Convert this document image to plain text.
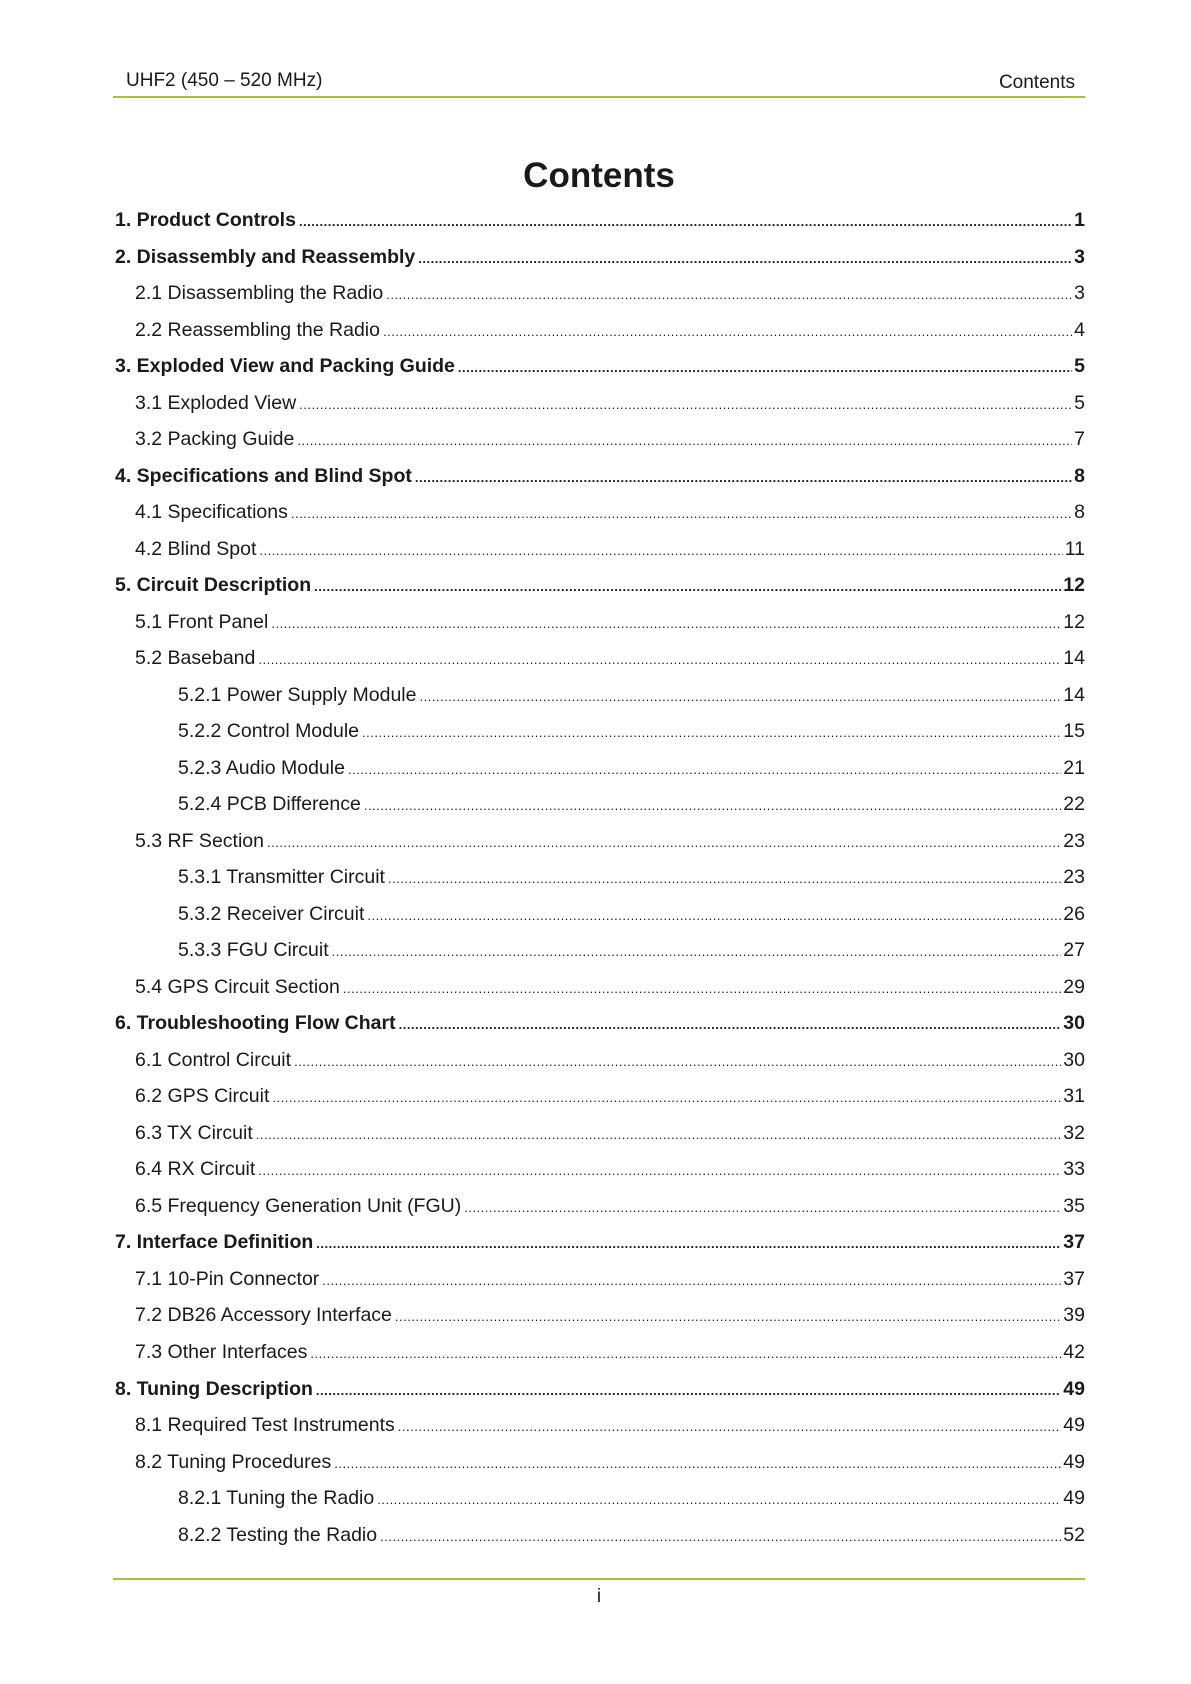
UHF2 (450 – 520 MHz)	Contents
Contents
1. Product Controls .....	1
2. Disassembly and Reassembly .....	3
2.1 Disassembling the Radio .....	3
2.2 Reassembling the Radio .....	4
3. Exploded View and Packing Guide .....	5
3.1 Exploded View .....	5
3.2 Packing Guide .....	7
4. Specifications and Blind Spot .....	8
4.1 Specifications .....	8
4.2 Blind Spot .....	11
5. Circuit Description .....	12
5.1 Front Panel .....	12
5.2 Baseband .....	14
5.2.1 Power Supply Module .....	14
5.2.2 Control Module .....	15
5.2.3 Audio Module .....	21
5.2.4 PCB Difference .....	22
5.3 RF Section .....	23
5.3.1 Transmitter Circuit .....	23
5.3.2 Receiver Circuit .....	26
5.3.3 FGU Circuit .....	27
5.4 GPS Circuit Section .....	29
6. Troubleshooting Flow Chart .....	30
6.1 Control Circuit .....	30
6.2 GPS Circuit .....	31
6.3 TX Circuit .....	32
6.4 RX Circuit .....	33
6.5 Frequency Generation Unit (FGU) .....	35
7. Interface Definition .....	37
7.1 10-Pin Connector .....	37
7.2 DB26 Accessory Interface .....	39
7.3 Other Interfaces .....	42
8. Tuning Description .....	49
8.1 Required Test Instruments .....	49
8.2 Tuning Procedures .....	49
8.2.1 Tuning the Radio .....	49
8.2.2 Testing the Radio .....	52
i
